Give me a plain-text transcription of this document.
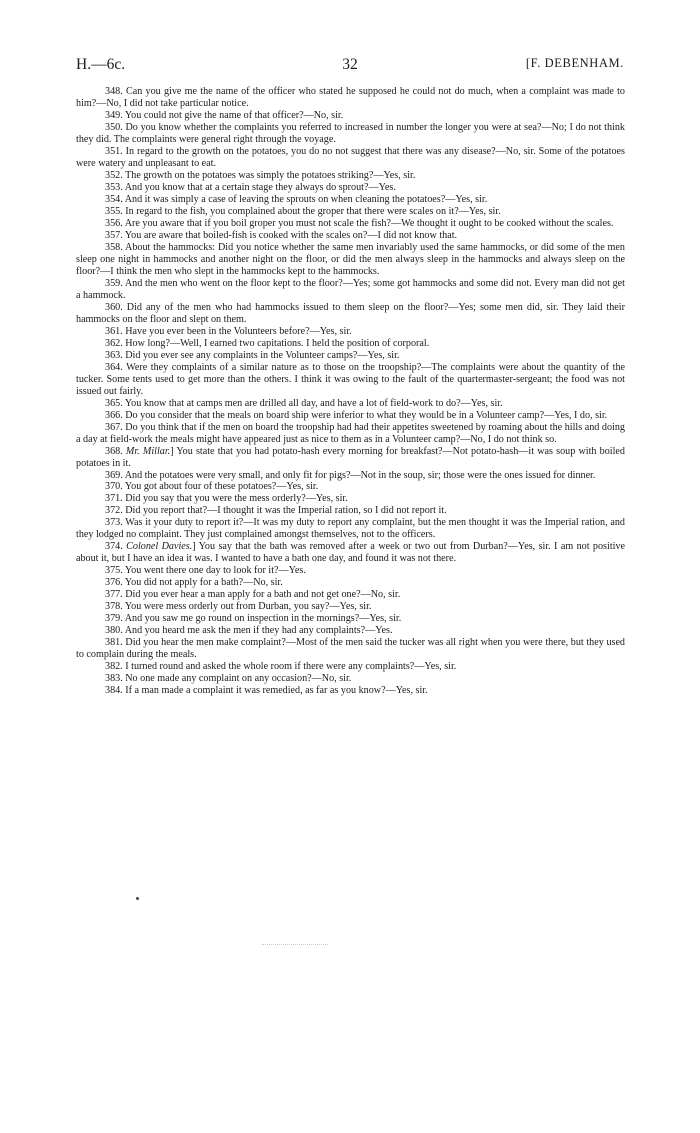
H.—6c.	32	[F. DEBENHAM.

348. Can you give me the name of the officer who stated he supposed he could not do much, when a complaint was made to him?—No, I did not take particular notice.

349. You could not give the name of that officer?—No, sir.

350. Do you know whether the complaints you referred to increased in number the longer you were at sea?—No; I do not think they did. The complaints were general right through the voyage.

351. In regard to the growth on the potatoes, you do no not suggest that there was any disease?—No, sir. Some of the potatoes were watery and unpleasant to eat.

352. The growth on the potatoes was simply the potatoes striking?—Yes, sir.

353. And you know that at a certain stage they always do sprout?—Yes.

354. And it was simply a case of leaving the sprouts on when cleaning the potatoes?—Yes, sir.

355. In regard to the fish, you complained about the groper that there were scales on it?—Yes, sir.

356. Are you aware that if you boil groper you must not scale the fish?—We thought it ought to be cooked without the scales.

357. You are aware that boiled-fish is cooked with the scales on?—I did not know that.

358. About the hammocks: Did you notice whether the same men invariably used the same hammocks, or did some of the men sleep one night in hammocks and another night on the floor, or did the men always sleep in the hammocks and always sleep on the floor?—I think the men who slept in the hammocks kept to the hammocks.

359. And the men who went on the floor kept to the floor?—Yes; some got hammocks and some did not. Every man did not get a hammock.

360. Did any of the men who had hammocks issued to them sleep on the floor?—Yes; some men did, sir. They laid their hammocks on the floor and slept on them.

361. Have you ever been in the Volunteers before?—Yes, sir.

362. How long?—Well, I earned two capitations. I held the position of corporal.

363. Did you ever see any complaints in the Volunteer camps?—Yes, sir.

364. Were they complaints of a similar nature as to those on the troopship?—The complaints were about the quantity of the tucker. Some tents used to get more than the others. I think it was owing to the fault of the quartermaster-sergeant; the food was not issued out fairly.

365. You know that at camps men are drilled all day, and have a lot of field-work to do?—Yes, sir.

366. Do you consider that the meals on board ship were inferior to what they would be in a Volunteer camp?—Yes, I do, sir.

367. Do you think that if the men on board the troopship had had their appetites sweetened by roaming about the hills and doing a day at field-work the meals might have appeared just as nice to them as in a Volunteer camp?—No, I do not think so.

368. Mr. Millar.] You state that you had potato-hash every morning for breakfast?—Not potato-hash—it was soup with boiled potatoes in it.

369. And the potatoes were very small, and only fit for pigs?—Not in the soup, sir; those were the ones issued for dinner.

370. You got about four of these potatoes?—Yes, sir.

371. Did you say that you were the mess orderly?—Yes, sir.

372. Did you report that?—I thought it was the Imperial ration, so I did not report it.

373. Was it your duty to report it?—It was my duty to report any complaint, but the men thought it was the Imperial ration, and they lodged no complaint. They just complained amongst themselves, not to the officers.

374. Colonel Davies.] You say that the bath was removed after a week or two out from Durban?—Yes, sir. I am not positive about it, but I have an idea it was. I wanted to have a bath one day, and found it was not there.

375. You went there one day to look for it?—Yes.

376. You did not apply for a bath?—No, sir.

377. Did you ever hear a man apply for a bath and not get one?—No, sir.

378. You were mess orderly out from Durban, you say?—Yes, sir.

379. And you saw me go round on inspection in the mornings?—Yes, sir.

380. And you heard me ask the men if they had any complaints?—Yes.

381. Did you hear the men make complaint?—Most of the men said the tucker was all right when you were there, but they used to complain during the meals.

382. I turned round and asked the whole room if there were any complaints?—Yes, sir.

383. No one made any complaint on any occasion?—No, sir.

384. If a man made a complaint it was remedied, as far as you know?—Yes, sir.
